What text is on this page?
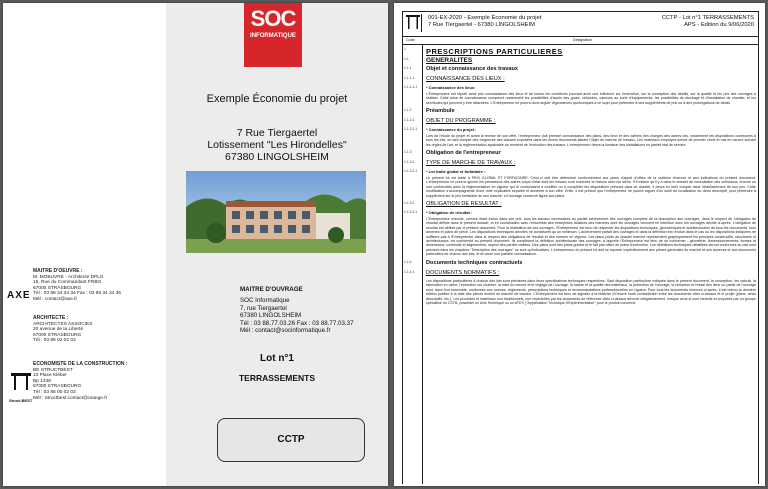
SOC
INFORMATIQUE
Exemple Économie du projet
7 Rue Tiergaertel
Lotissement "Les Hirondelles"
67380 LINGOLSHEIM
MAITRE D'OUVRAGE
SOC Informatique
7, rue Tiergaertel
67380 LINGOLSHEIM
Tél : 03 88.77.03.26 Fax : 03 88.77.03.37
Mél : contact@socinformatique.fr
Lot n°1
TERRASSEMENTS
CCTP
MAITRE D'OEUVRE :
M. MOBUVRE - Architecte DPLG
16, Rue du Commandant FRBO
67000 STRASBOURG
Tél : 03 88 34 34 34 Fax : 03 88 34 34 35
Mél : contact@axe.fr
AXE
ARCHITECTE :
ARCHITECTES ASSOCIES
20 avenue de la Liberté
67000 STRASBOURG
Tél : 03 88 02 02 03
ECONOMISTE DE LA CONSTRUCTION :
BE STRUCTBEST
10 Place Kléber
Bp 1438
67000 STRASBOURG
Tél : 03 88 00 02 03
Mél : Structbest.contact@orange.fr
Struct.BEST
001-EX-2020 - Exemple Économie du projet
7 Rue Tiergaertel - 67380 LINGOLSHEIM
CCTP - Lot n°1 TERRASSEMENTS
APS - Edition du 9/06/2020
Code	Désignation
1	PRESCRIPTIONS PARTICULIERES
1.1	GENERALITES
1.1.1	Objet et connaissance des travaux
1.1.1.1	CONNAISSANCE DES LIEUX :
1.1.1.1.1	* Connaissance des lieux:
L'Entrepreneur est réputé avoir pris connaissance des lieux et de toutes les conditions pouvant avoir une influence sur l'exécution, sur la conception des détails, sur la qualité et les prix des ouvrages à réaliser. Cette prise de connaissance comprend notamment les possibilités d'accès des grues, véhicules, camions au sortir d'équipements, les possibilités de stockage et d'installation de chantier, et les servitudes qui peuvent y être attachées. L'Entrepreneur ne pourra donc arguer d'ignorances quelconques à ce sujet pour prétendre à des suppléments de prix ou à des prolongations de délais.
1.1.2	Préambule
1.1.2.1	OBJET DU PROGRAMME :
1.1.2.1.1	* Connaissance du projet :
Lors de l'étude du projet et avant la remise de son offre, l'entrepreneur doit prendre connaissance des plans, des lieux et des cahiers des charges des autres lots, notamment les dispositions communes à tous les lots, en tant compte des exigences des clauses exposées dans les divers documents faisant l'objet du marché de travaux. Les matériaux employés seront de premier choix et mis en oeuvre suivant les règles de l'art, et la réglementation applicable au moment de l'exécution des travaux. L'entrepreneur devra la livraison des installations en parfait état de service.
1.1.3	Obligation de l'entrepreneur
1.1.3.1	TYPE DE MARCHE DE TRAVAUX :
1.1.3.1.1	* Lot traité global et forfaitaire :
Le présent lot est traité à PRIX GLOBAL ET FORFAITAIRE. Celui-ci doit être déterminé conformément aux plans d'appel d'offres de la maîtrise d'oeuvre et aux indications du présent document. L'entrepreneur ne pourra ignorer les prestations des autres corps d'état dont les travaux sont exécutés en liaison avec les siens. S'il estime qu'il y a dans le dossier de consultation des omissions, erreurs ou non conformités avec la réglementation en vigueur qui le conduiraient à modifier ou à compléter les dispositions prévues dans ce dossier, il devra en tenir compte dans l'établissement de son prix. Cette modification s'accompagnerait d'une note explicative séparée et annexée à son offre. Enfin, il est précisé que l'entrepreneur ne pourra arguer d'un oubli de localisation du devis descriptif, pour prétendre à supplément sur le prix forfaitaire de son marché, si l'ouvrage concerné figure aux plans.
1.1.3.2	OBLIGATION DE RESULTAT :
1.1.3.2.1	* Obligation de résultat :
L'Entrepreneur exécute, comme étant inclus dans son prix, tous les travaux nécessaires au parfait achèvement des ouvrages complets de la description des ouvrages, dans le respect de l'obligation de résultat définie dans le présent dossier, et en coordination avec l'ensemble des entreprises titulaires des marchés dont les ouvrages viennent en interface avec les ouvrages décrits ci-après. L'obligation de résultat est définie par le présent document. Pour la réalisation de ces ouvrages, l'Entrepreneur est tenu de respecter les dispositions techniques, géométriques et architecturales de tous les documents, tous annexes et plans de pièce. Les dispositions techniques décrites ne constituent qu'un minimum. L'achèvement parfait des ouvrages et dans la définition est rendue dans le cas où les dispositions indiquées ne suffisent pas à l'Entrepreneur dans le respect des obligations de résultat et des normes en vigueur. Les plans joints au dossier marché représentent graphiquement les principes constructifs, structurels et architecturaux, en conformité au présent document. Ils constituent la définition architecturale des ouvrages, à laquelle l'Entrepreneur est tenu de se conformer : géométrie, dimensionnements, formes et dimensions, continuité et alignements, aspect des parties visibles. Des plans sont des plans guides et le fait pas office de plans d'exécution. Les définitions techniques détaillées seront conformes au cas sont précisés dans les chapitres "Description des ouvrages" ne sont qu'indicatives. L'entrepreneur du présent lot doit se reporter impérativement aux pièces générales du marché et ses annexes et aux documents particuliers de chacun des lots, et en avoir une parfaite connaissance.
1.1.4	Documents techniques contractuels
1.1.4.1	DOCUMENTS NORMATIFS :
Les dispositions particulières à chacun des lots sont précisées dans leurs spécifications techniques respectives. Sauf disposition particulière indiquée dans le présent document, la conception, les calculs, la fabrication en usine, l'exécution sur chantier, la mise en oeuvre et le réglage de l'ouvrage, la nature et la qualité des matériaux, la protection de l'ouvrage, la réception et l'essai des lieux ou partie de l'ouvrage sont, dans leur ensemble, conformes aux normes, règlements, prescriptions techniques et recommandations professionnelles en vigueur. Pour tous les documents énoncés ci-après, il est retenu la dernière édition publiée à la date des pièces écrites du marché de travaux. L'Entrepreneur est tenu de signaler à la Maîtrise d'Oeuvre toute contradiction entre les documents cités ci-dessus et le projet (plans, devis descriptifs, etc.). Les procédés et matériaux non traditionnels, non répertoriés par les documents de référence cités ci-dessus devront obligatoirement, lorsque ceux-ci sont instruits et proposés par un groupe spécialisé du CSTB, posséder un Avis Technique ou un ATEX ("Appréciation Technique d'Expérimentation" pour le produit concerné.
